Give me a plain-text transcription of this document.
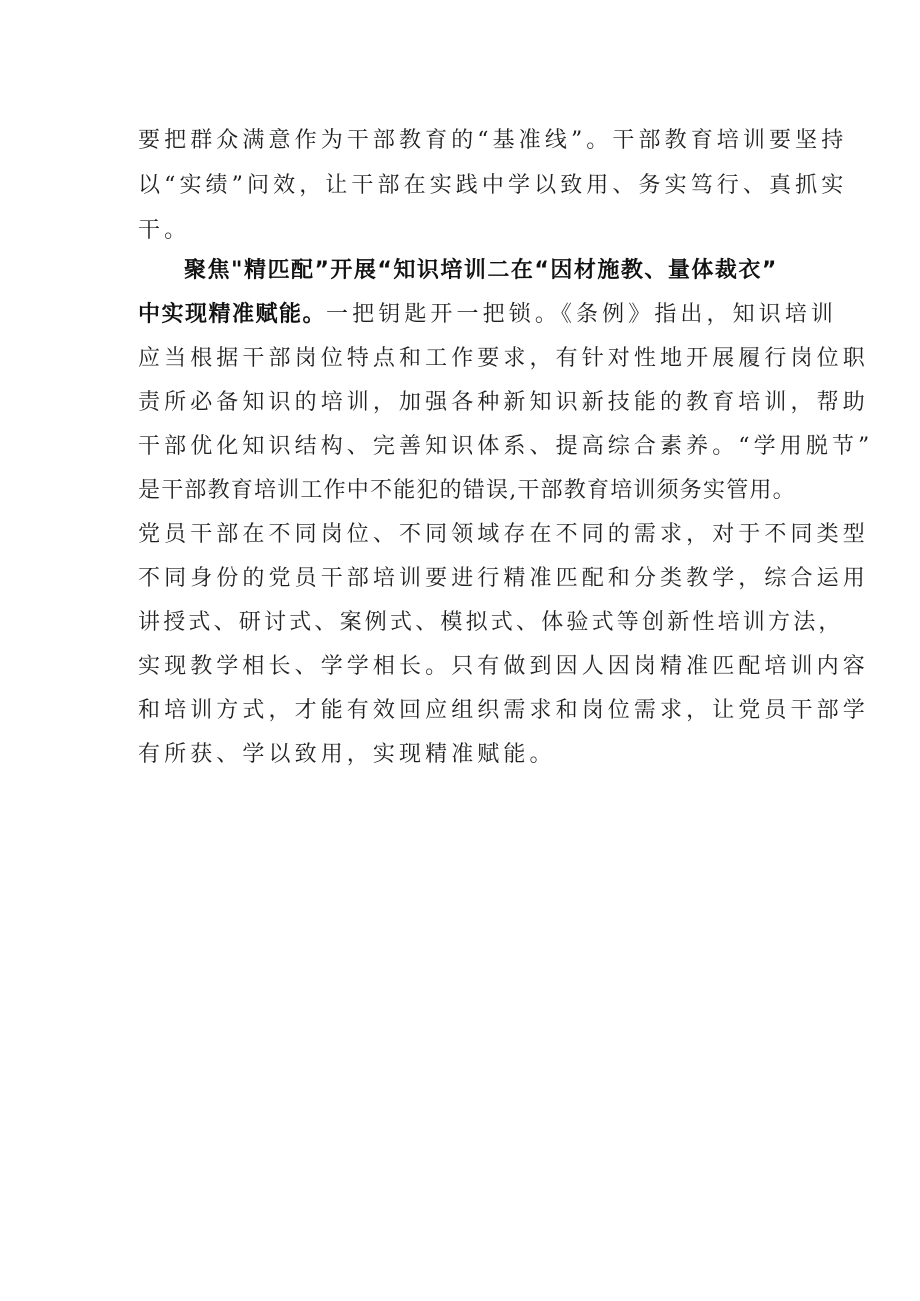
要把群众满意作为干部教育的“基准线”。干部教育培训要坚持
以“实绩”问效，让干部在实践中学以致用、务实笃行、真抓实
干。
聚焦"精匹配”开展“知识培训二在“因材施教、量体裁衣”
中实现精准赋能。一把钥匙开一把锁。《条例》指出，知识培训
应当根据干部岗位特点和工作要求，有针对性地开展履行岗位职
责所必备知识的培训，加强各种新知识新技能的教育培训，帮助
干部优化知识结构、完善知识体系、提高综合素养。“学用脱节”
是干部教育培训工作中不能犯的错误,干部教育培训须务实管用。
党员干部在不同岗位、不同领域存在不同的需求，对于不同类型
不同身份的党员干部培训要进行精准匹配和分类教学，综合运用
讲授式、研讨式、案例式、模拟式、体验式等创新性培训方法，
实现教学相长、学学相长。只有做到因人因岗精准匹配培训内容
和培训方式，才能有效回应组织需求和岗位需求，让党员干部学
有所获、学以致用，实现精准赋能。
